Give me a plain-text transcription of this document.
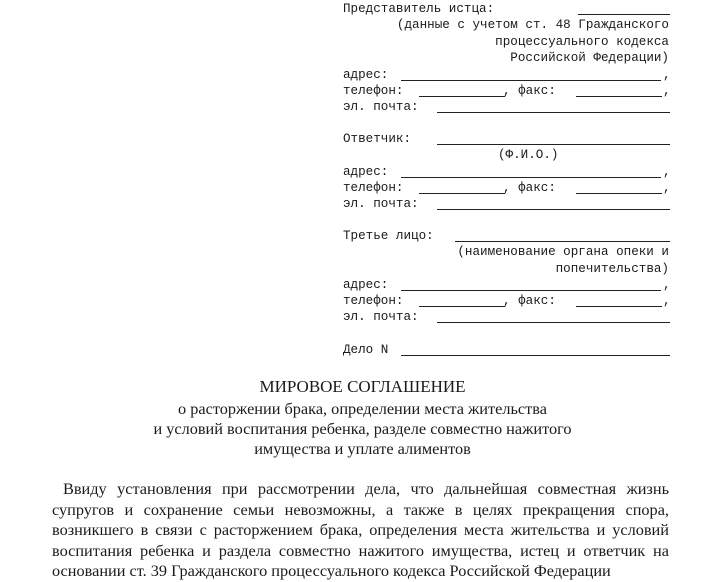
Представитель истца:
(данные с учетом ст. 48 Гражданского
процессуального кодекса
Российской Федерации)
адрес:	,
телефон:	, факс:	,
эл. почта:
Ответчик:
(Ф.И.О.)
адрес:	,
телефон:	, факс:	,
эл. почта:
Третье лицо:
(наименование органа опеки и
попечительства)
адрес:	,
телефон:	, факс:	,
эл. почта:
Дело N
МИРОВОЕ СОГЛАШЕНИЕ
о расторжении брака, определении места жительства
и условий воспитания ребенка, разделе совместно нажитого
имущества и уплате алиментов

Ввиду установления при рассмотрении дела, что дальнейшая совместная жизнь супругов и сохранение семьи невозможны, а также в целях прекращения спора, возникшего в связи с расторжением брака, определения места жительства и условий воспитания ребенка и раздела совместно нажитого имущества, истец и ответчик на основании ст. 39 Гражданского процессуального кодекса Российской Федерации
